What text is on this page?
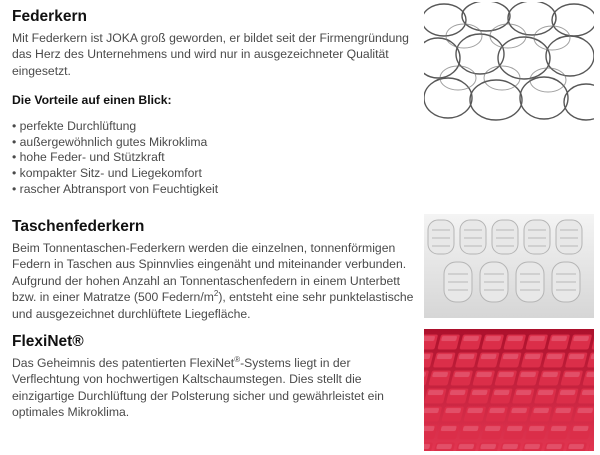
Federkern

Mit Federkern ist JOKA groß geworden, er bildet seit der Firmengründung das Herz des Unternehmens und wird nur in ausgezeichneter Qualität eingesetzt.

Die Vorteile auf einen Blick:

• perfekte Durchlüftung
• außergewöhnlich gutes Mikroklima
• hohe Feder- und Stützkraft
• kompakter Sitz- und Liegekomfort
• rascher Abtransport von Feuchtigkeit
Taschenfederkern

Beim Tonnentaschen-Federkern werden die einzelnen, tonnenförmigen Federn in Taschen aus Spinnvlies eingenäht und miteinander verbunden. Aufgrund der hohen Anzahl an Tonnentaschenfedern in einem Unterbett bzw. in einer Matratze (500 Federn/$m^2$), entsteht eine sehr punktelastische und ausgezeichnet durchlüftete Liegefläche.

FlexiNet®

Das Geheimnis des patentierten FlexiNet®-Systems liegt in der Verflechtung von hochwertigen Kaltschaumstegen. Dies stellt die einzigartige Durchlüftung der Polsterung sicher und gewährleistet ein optimales Mikroklima.
